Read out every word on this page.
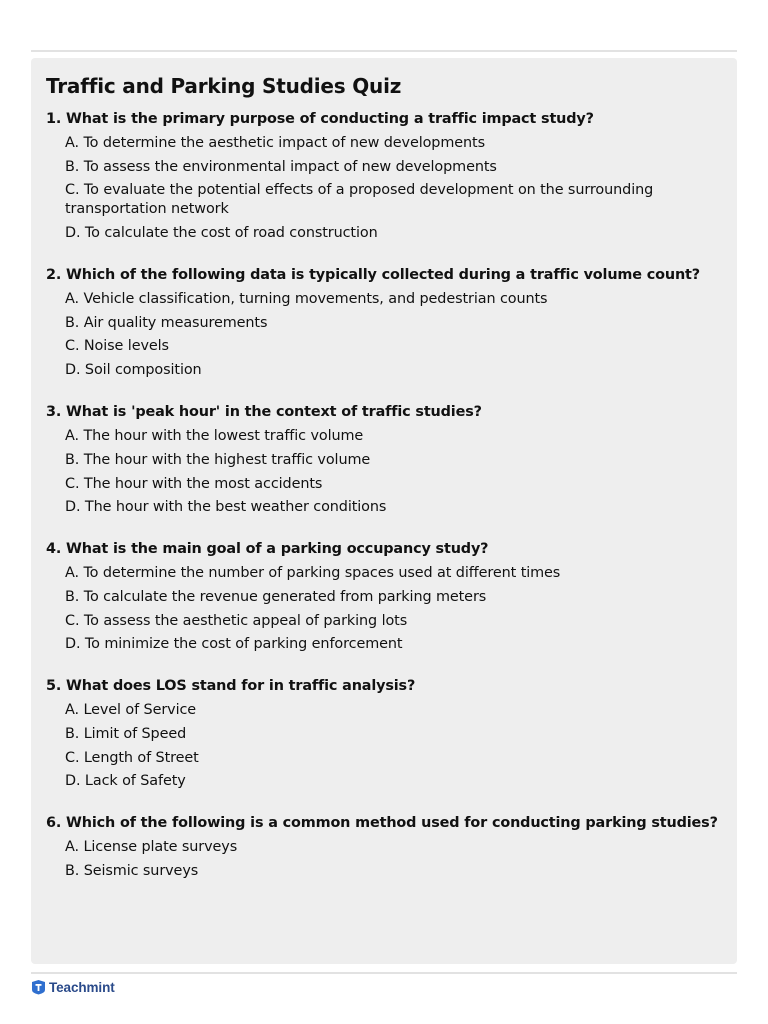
Traffic and Parking Studies Quiz
1. What is the primary purpose of conducting a traffic impact study?
A. To determine the aesthetic impact of new developments
B. To assess the environmental impact of new developments
C. To evaluate the potential effects of a proposed development on the surrounding transportation network
D. To calculate the cost of road construction
2. Which of the following data is typically collected during a traffic volume count?
A. Vehicle classification, turning movements, and pedestrian counts
B. Air quality measurements
C. Noise levels
D. Soil composition
3. What is 'peak hour' in the context of traffic studies?
A. The hour with the lowest traffic volume
B. The hour with the highest traffic volume
C. The hour with the most accidents
D. The hour with the best weather conditions
4. What is the main goal of a parking occupancy study?
A. To determine the number of parking spaces used at different times
B. To calculate the revenue generated from parking meters
C. To assess the aesthetic appeal of parking lots
D. To minimize the cost of parking enforcement
5. What does LOS stand for in traffic analysis?
A. Level of Service
B. Limit of Speed
C. Length of Street
D. Lack of Safety
6. Which of the following is a common method used for conducting parking studies?
A. License plate surveys
B. Seismic surveys
Teachmint
